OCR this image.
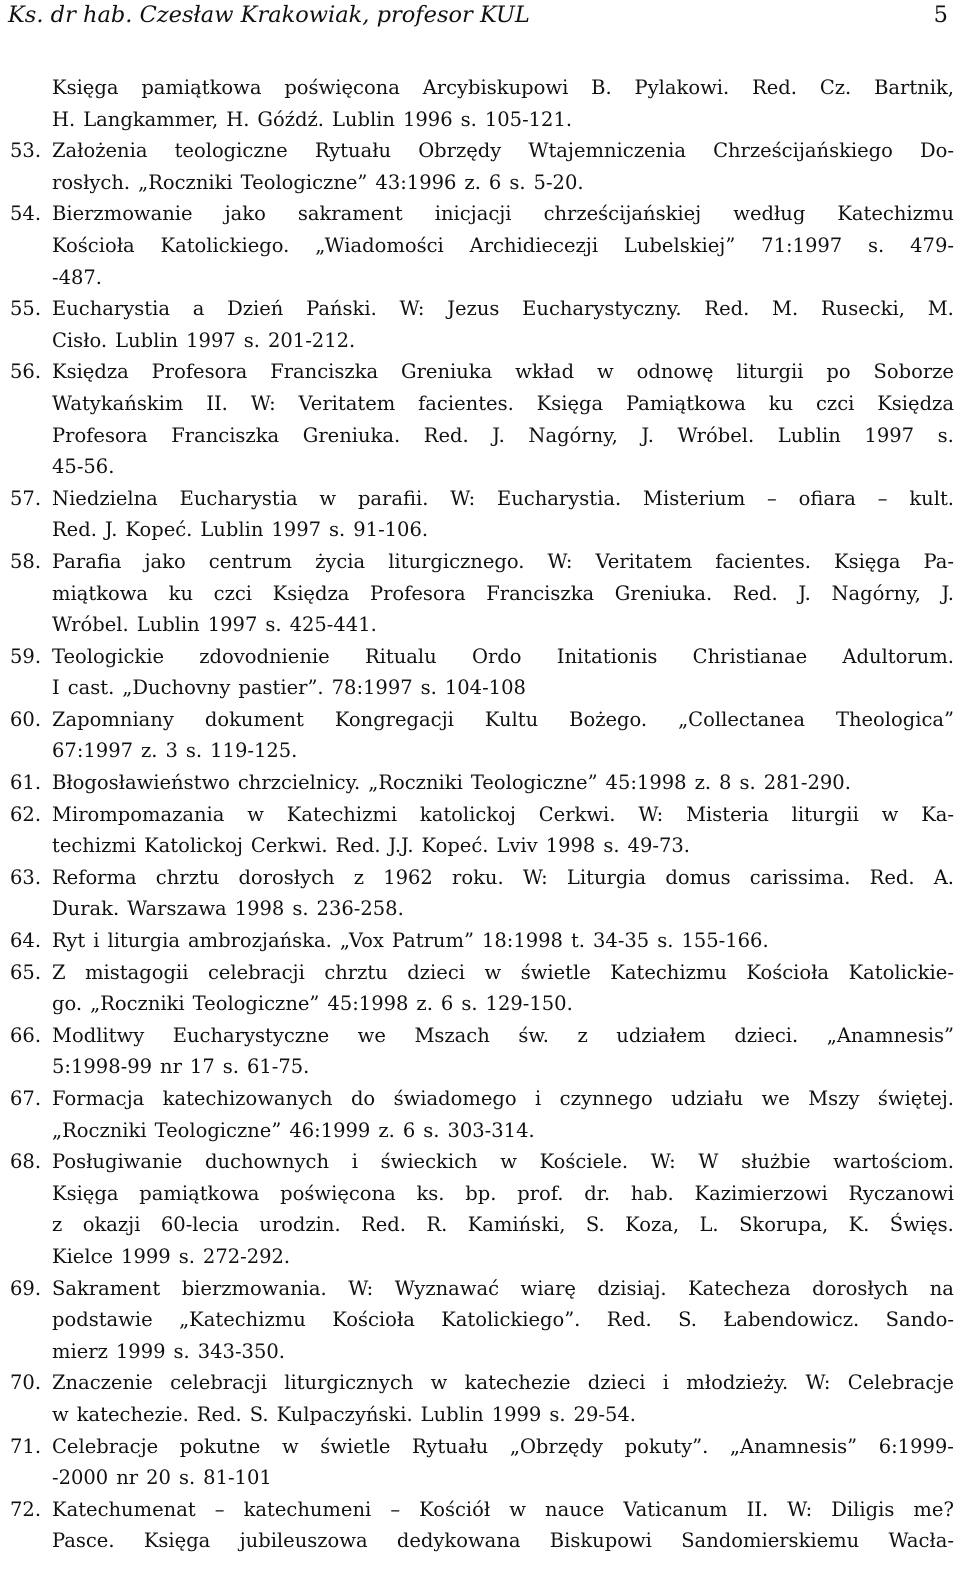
Ks. dr hab. Czesław Krakowiak, profesor KUL	5
Księga pamiątkowa poświęcona Arcybiskupowi B. Pylakowi. Red. Cz. Bartnik,
H. Langkammer, H. Góźdź. Lublin 1996 s. 105-121.
53. Założenia teologiczne Rytuału Obrzędy Wtajemniczenia Chrześcijańskiego Do-
rosłych. „Roczniki Teologiczne” 43:1996 z. 6 s. 5-20.
54. Bierzmowanie jako sakrament inicjacji chrześcijańskiej według Katechizmu
Kościoła Katolickiego. „Wiadomości Archidiecezji Lubelskiej” 71:1997 s. 479-
-487.
55. Eucharystia a Dzień Pański. W: Jezus Eucharystyczny. Red. M. Rusecki, M.
Cisło. Lublin 1997 s. 201-212.
56. Księdza Profesora Franciszka Greniuka wkład w odnowę liturgii po Soborze
Watykańskim II. W: Veritatem facientes. Księga Pamiątkowa ku czci Księdza
Profesora Franciszka Greniuka. Red. J. Nagórny, J. Wróbel. Lublin 1997 s.
45-56.
57. Niedzielna Eucharystia w parafii. W: Eucharystia. Misterium – ofiara – kult.
Red. J. Kopeć. Lublin 1997 s. 91-106.
58. Parafia jako centrum życia liturgicznego. W: Veritatem facientes. Księga Pa-
miątkowa ku czci Księdza Profesora Franciszka Greniuka. Red. J. Nagórny, J.
Wróbel. Lublin 1997 s. 425-441.
59. Teologickie zdovodnienie Ritualu Ordo Initationis Christianae Adultorum.
I cast. „Duchovny pastier”. 78:1997 s. 104-108
60. Zapomniany dokument Kongregacji Kultu Bożego. „Collectanea Theologica”
67:1997 z. 3 s. 119-125.
61. Błogosławieństwo chrzcielnicy. „Roczniki Teologiczne” 45:1998 z. 8 s. 281-290.
62. Mirompomazania w Katechizmi katolickoj Cerkwi. W: Misteria liturgii w Ka-
techizmi Katolickoj Cerkwi. Red. J.J. Kopeć. Lviv 1998 s. 49-73.
63. Reforma chrztu dorosłych z 1962 roku. W: Liturgia domus carissima. Red. A.
Durak. Warszawa 1998 s. 236-258.
64. Ryt i liturgia ambrozjańska. „Vox Patrum” 18:1998 t. 34-35 s. 155-166.
65. Z mistagogii celebracji chrztu dzieci w świetle Katechizmu Kościoła Katolickie-
go. „Roczniki Teologiczne” 45:1998 z. 6 s. 129-150.
66. Modlitwy Eucharystyczne we Mszach św. z udziałem dzieci. „Anamnesis”
5:1998-99 nr 17 s. 61-75.
67. Formacja katechizowanych do świadomego i czynnego udziału we Mszy świętej.
„Roczniki Teologiczne” 46:1999 z. 6 s. 303-314.
68. Posługiwanie duchownych i świeckich w Kościele. W: W służbie wartościom.
Księga pamiątkowa poświęcona ks. bp. prof. dr. hab. Kazimierzowi Ryczanowi
z okazji 60-lecia urodzin. Red. R. Kamiński, S. Koza, L. Skorupa, K. Święs.
Kielce 1999 s. 272-292.
69. Sakrament bierzmowania. W: Wyznawać wiarę dzisiaj. Katecheza dorosłych na
podstawie „Katechizmu Kościoła Katolickiego”. Red. S. Łabendowicz. Sando-
mierz 1999 s. 343-350.
70. Znaczenie celebracji liturgicznych w katechezie dzieci i młodzieży. W: Celebracje
w katechezie. Red. S. Kulpaczyński. Lublin 1999 s. 29-54.
71. Celebracje pokutne w świetle Rytuału „Obrzędy pokuty”. „Anamnesis” 6:1999-
-2000 nr 20 s. 81-101
72. Katechumenat – katechumeni – Kościół w nauce Vaticanum II. W: Diligis me?
Pasce. Księga jubileuszowa dedykowana Biskupowi Sandomierskiemu Wacła-
